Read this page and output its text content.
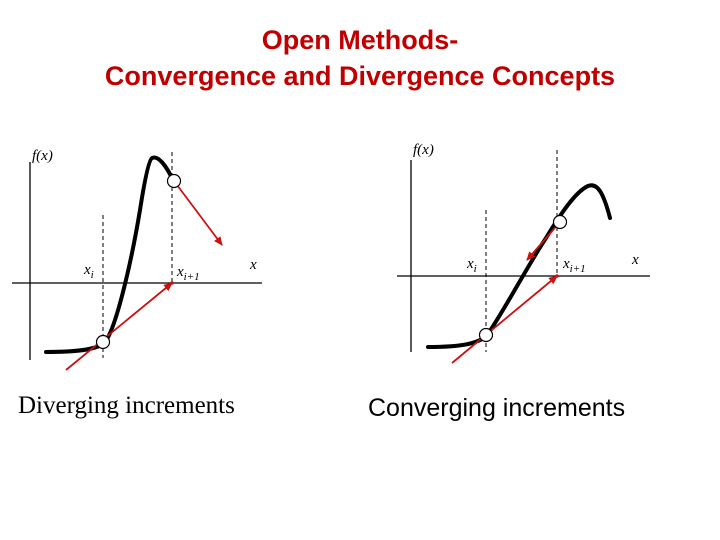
Open Methods-
Convergence and Divergence Concepts
f(x)
x
$x_i$	$x_{i+1}$
f(x)
x
$x_i$	$x_{i+1}$
Diverging increments	Converging increments
